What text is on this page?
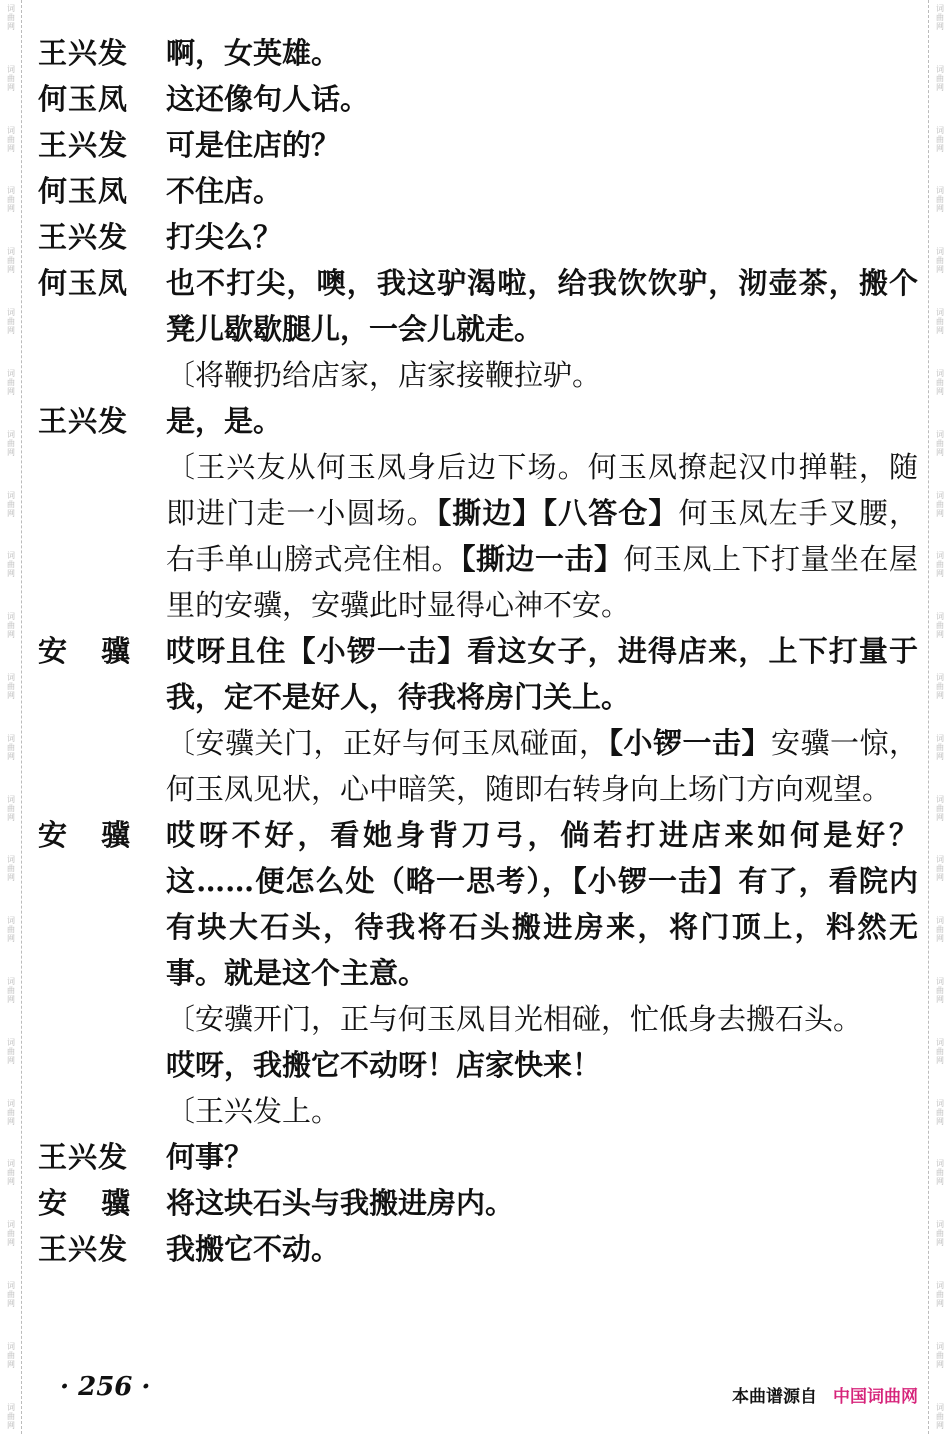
词曲网
词曲网
词曲网
词曲网
词曲网
词曲网
词曲网
词曲网
词曲网
词曲网
词曲网
词曲网
词曲网
词曲网
词曲网
词曲网
词曲网
词曲网
词曲网
词曲网
词曲网
词曲网
词曲网
词曲网
词曲网
词曲网
词曲网
词曲网
词曲网
词曲网
词曲网
词曲网
词曲网
词曲网
词曲网
词曲网
词曲网
词曲网
词曲网
词曲网
词曲网
词曲网
词曲网
词曲网
词曲网
词曲网
词曲网
词曲网
王兴发	啊，女英雄。
何玉凤	这还像句人话。
王兴发	可是住店的？
何玉凤	不住店。
王兴发	打尖么？
何玉凤	也不打尖，噢，我这驴渴啦，给我饮饮驴，沏壶茶，搬个凳儿歇歇腿儿，一会儿就走。
〔将鞭扔给店家，店家接鞭拉驴。
王兴发	是，是。
〔王兴友从何玉凤身后边下场。何玉凤撩起汉巾掸鞋，随即进门走一小圆场。【撕边】【八答仓】何玉凤左手叉腰，右手单山膀式亮住相。【撕边一击】何玉凤上下打量坐在屋里的安骥，安骥此时显得心神不安。
安骥 哎呀且住【小锣一击】看这女子，进得店来，上下打量于我，定不是好人，待我将房门关上。
〔安骥关门，正好与何玉凤碰面，【小锣一击】安骥一惊，何玉凤见状，心中暗笑，随即右转身向上场门方向观望。
安骥 哎呀不好，看她身背刀弓，倘若打进店来如何是好？这……便怎么处（略一思考），【小锣一击】有了，看院内有块大石头，待我将石头搬进房来，将门顶上，料然无事。就是这个主意。
〔安骥开门，正与何玉凤目光相碰，忙低身去搬石头。
哎呀，我搬它不动呀！店家快来！
〔王兴发上。
王兴发	何事？
安骥 将这块石头与我搬进房内。
王兴发	我搬它不动。
· 256 ·	本曲谱源自 中国词曲网
